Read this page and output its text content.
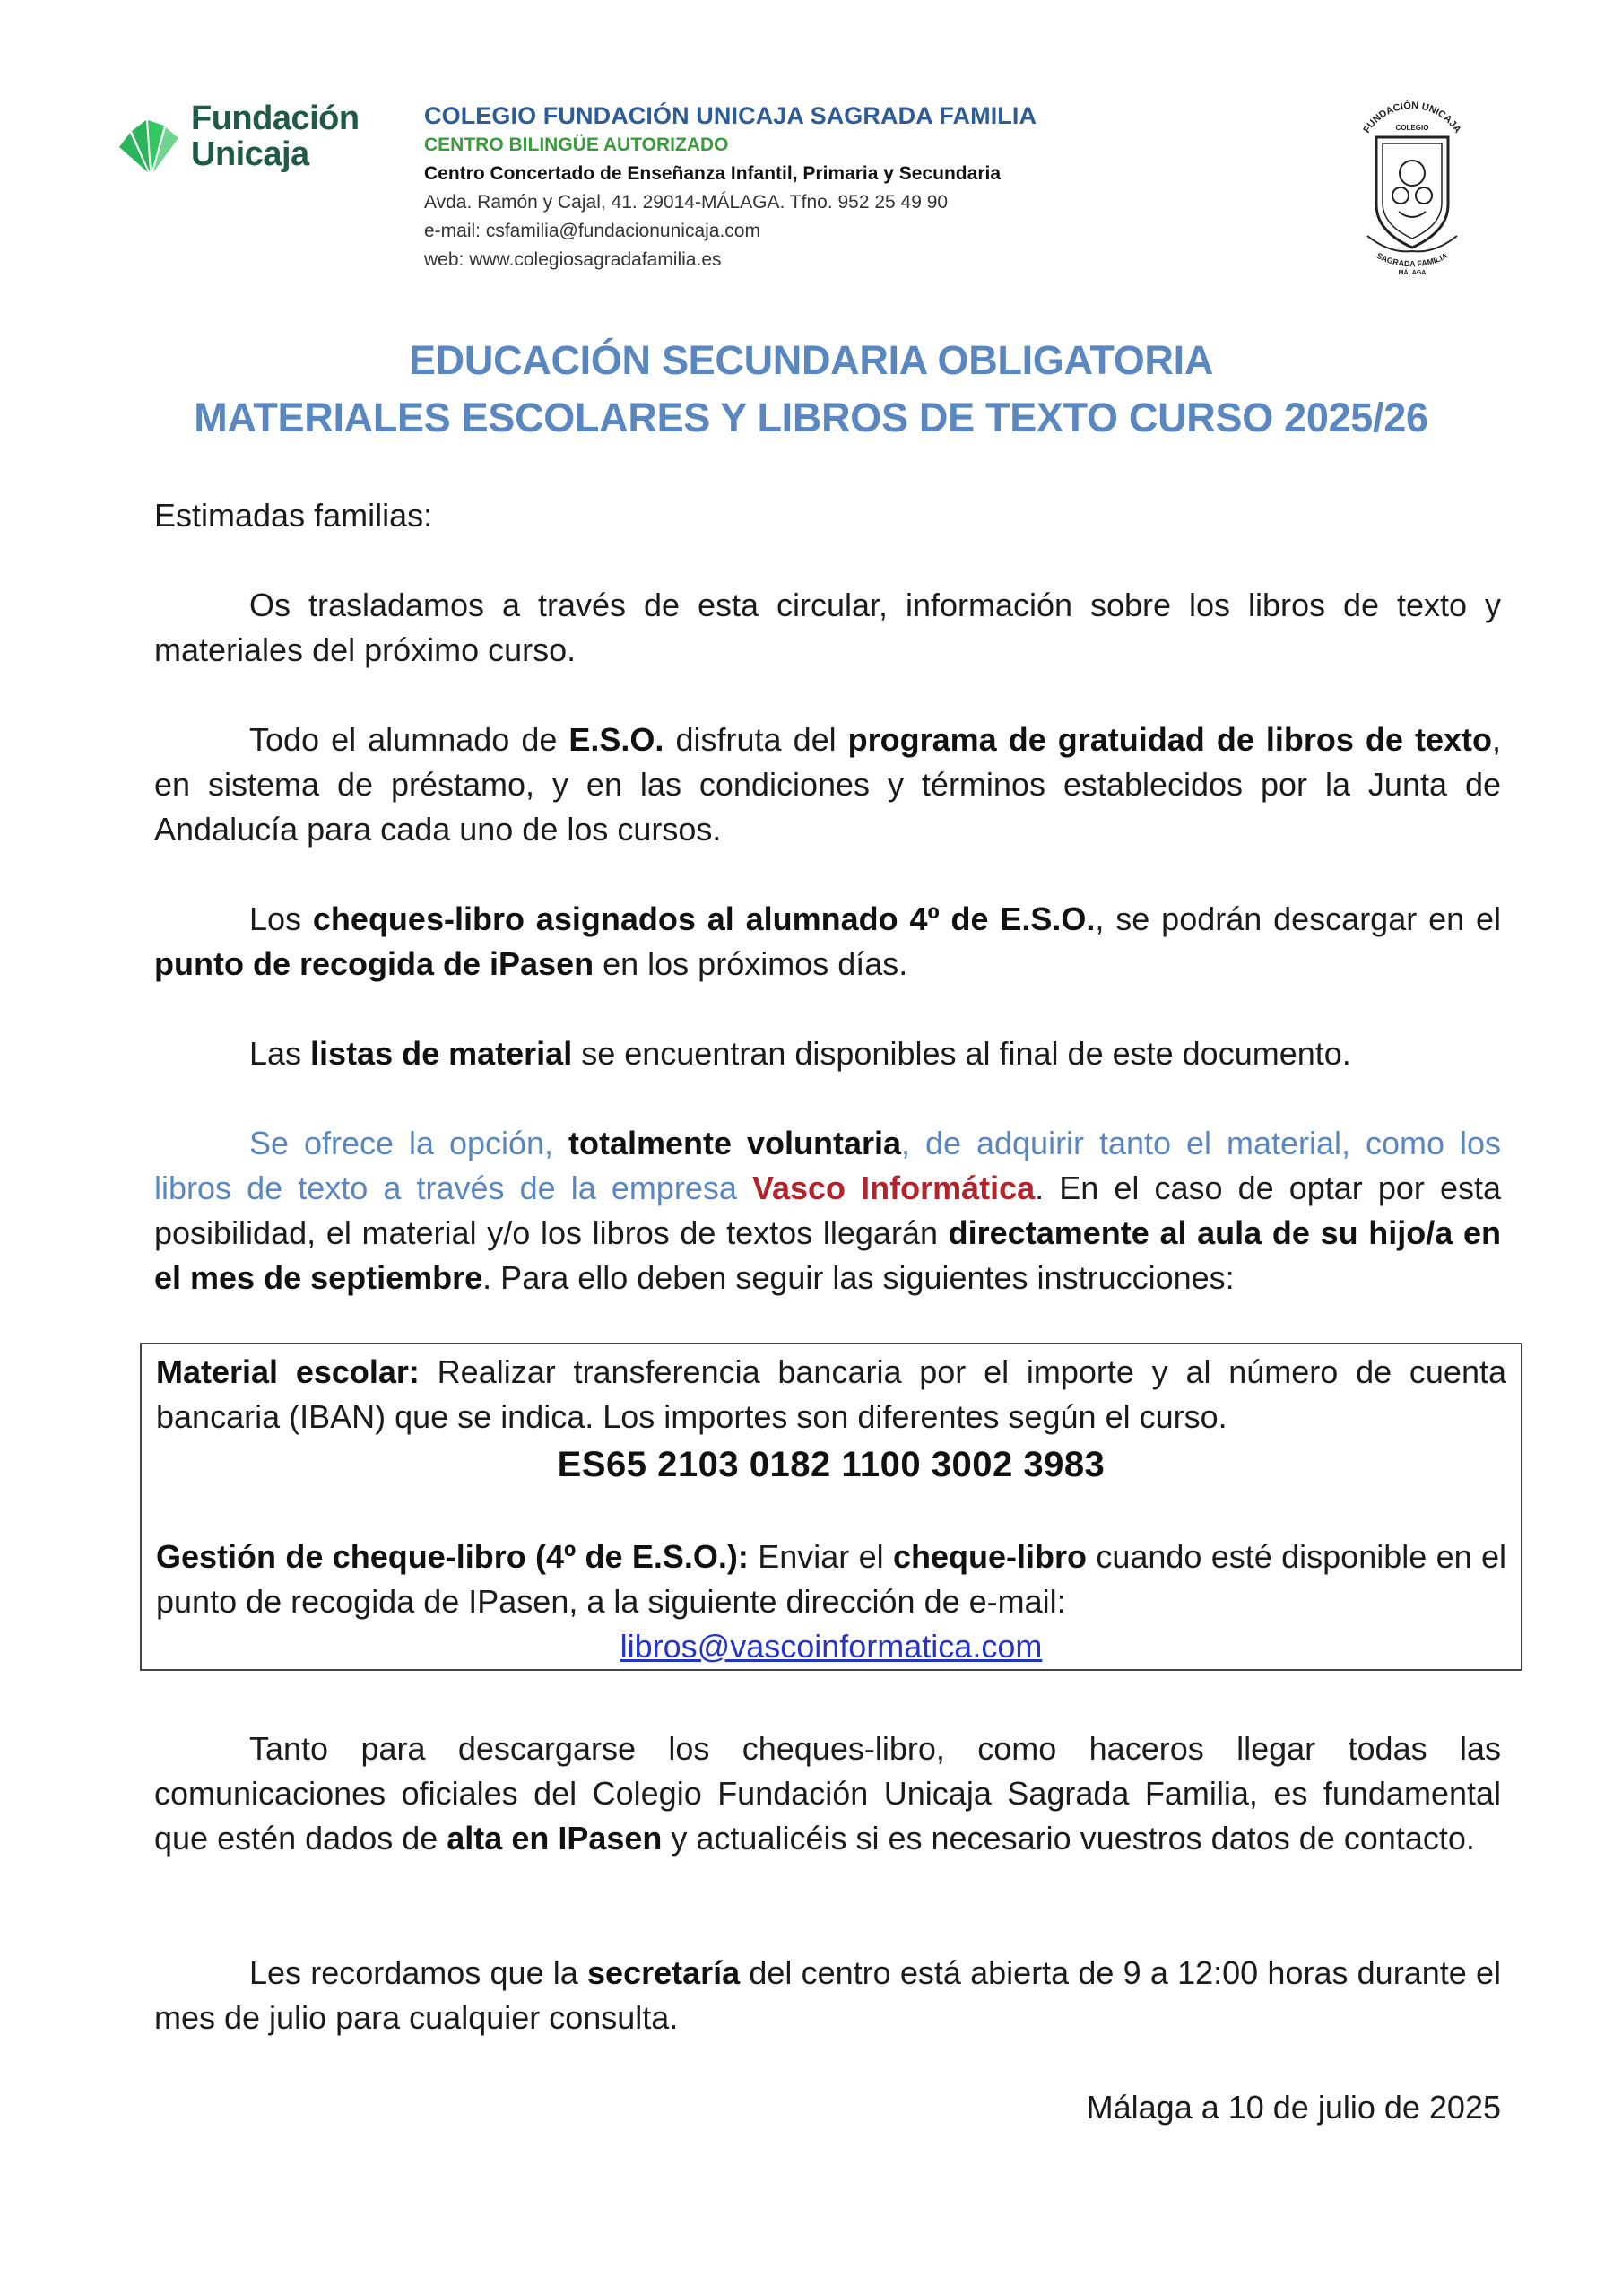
Fundación
Unicaja
COLEGIO FUNDACIÓN UNICAJA SAGRADA FAMILIA
CENTRO BILINGÜE AUTORIZADO
Centro Concertado de Enseñanza Infantil, Primaria y Secundaria
Avda. Ramón y Cajal, 41. 29014-MÁLAGA. Tfno. 952 25 49 90
e-mail: csfamilia@fundacionunicaja.com
web: www.colegiosagradafamilia.es
FUNDACIÓN UNICAJA
COLEGIO
SAGRADA FAMILIA
MÁLAGA
EDUCACIÓN SECUNDARIA OBLIGATORIA
MATERIALES ESCOLARES Y LIBROS DE TEXTO CURSO 2025/26
Estimadas familias:
Os trasladamos a través de esta circular, información sobre los libros de texto y materiales del próximo curso.
Todo el alumnado de E.S.O. disfruta del programa de gratuidad de libros de texto, en sistema de préstamo, y en las condiciones y términos establecidos por la Junta de Andalucía para cada uno de los cursos.
Los cheques-libro asignados al alumnado 4º de E.S.O., se podrán descargar en el punto de recogida de iPasen en los próximos días.
Las listas de material se encuentran disponibles al final de este documento.
Se ofrece la opción, totalmente voluntaria, de adquirir tanto el material, como los libros de texto a través de la empresa Vasco Informática. En el caso de optar por esta posibilidad, el material y/o los libros de textos llegarán directamente al aula de su hijo/a en el mes de septiembre. Para ello deben seguir las siguientes instrucciones:
Material escolar: Realizar transferencia bancaria por el importe y al número de cuenta bancaria (IBAN) que se indica. Los importes son diferentes según el curso.
ES65 2103 0182 1100 3002 3983
Gestión de cheque-libro (4º de E.S.O.): Enviar el cheque-libro cuando esté disponible en el punto de recogida de IPasen, a la siguiente dirección de e-mail:
libros@vascoinformatica.com
Tanto para descargarse los cheques-libro, como haceros llegar todas las comunicaciones oficiales del Colegio Fundación Unicaja Sagrada Familia, es fundamental que estén dados de alta en IPasen y actualicéis si es necesario vuestros datos de contacto.
Les recordamos que la secretaría del centro está abierta de 9 a 12:00 horas durante el mes de julio para cualquier consulta.
Málaga a 10 de julio de 2025
